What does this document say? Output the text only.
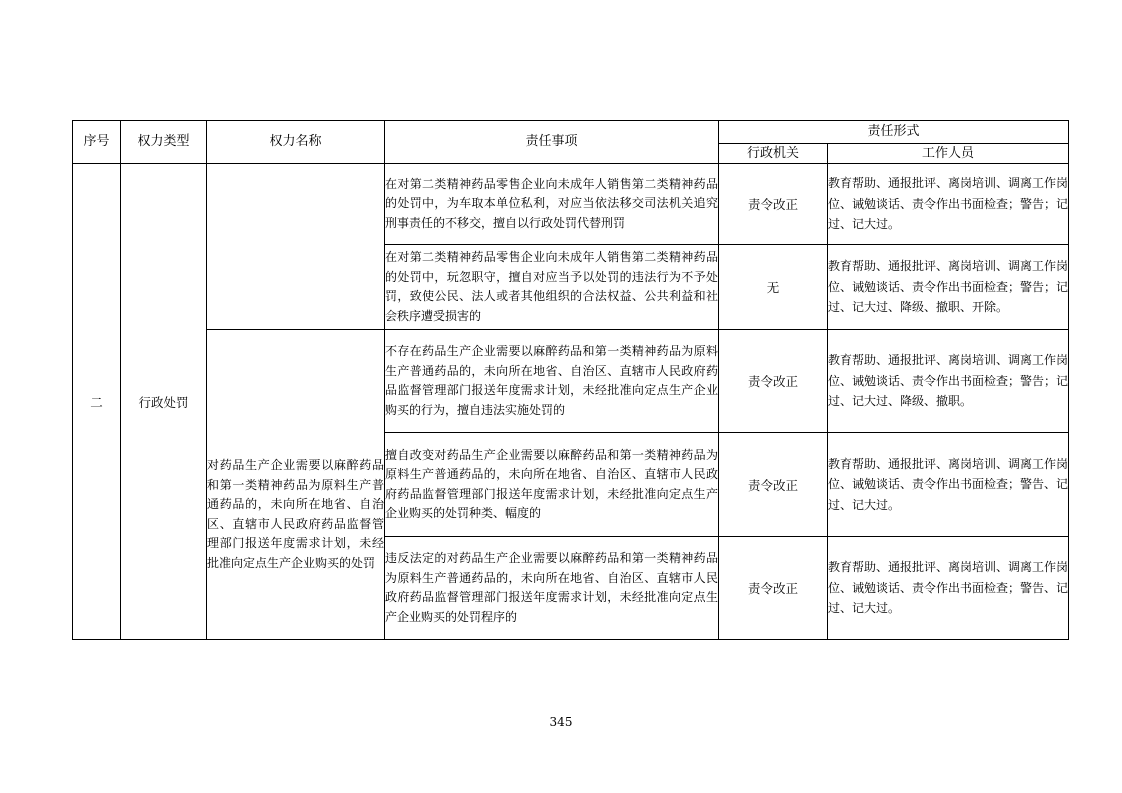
序号	权力类型	权力名称	责任事项	责任形式	
				行政机关	工作人员
二	行政处罚		在对第二类精神药品零售企业向未成年人销售第二类精神药品的处罚中，为车取本单位私利，对应当依法移交司法机关追究刑事责任的不移交，擅自以行政处罚代替刑罚	责令改正	教育帮助、通报批评、离岗培训、调离工作岗位、诫勉谈话、责令作出书面检查；警告；记过、记大过。
			在对第二类精神药品零售企业向未成年人销售第二类精神药品的处罚中，玩忽职守，擅自对应当予以处罚的违法行为不予处罚，致使公民、法人或者其他组织的合法权益、公共利益和社会秩序遭受损害的	无	教育帮助、通报批评、离岗培训、调离工作岗位、诫勉谈话、责令作出书面检查；警告；记过、记大过、降级、撤职、开除。

		对药品生产企业需要以麻醉药品和第一类精神药品为原料生产普通药品的，未向所在地省、自治区、直辖市人民政府药品监督管理部门报送年度需求计划，未经批准向定点生产企业购买的处罚	不存在药品生产企业需要以麻醉药品和第一类精神药品为原料生产普通药品的，未向所在地省、自治区、直辖市人民政府药品监督管理部门报送年度需求计划，未经批准向定点生产企业购买的行为，擅自违法实施处罚的	责令改正	教育帮助、通报批评、离岗培训、调离工作岗位、诫勉谈话、责令作出书面检查；警告；记过、记大过、降级、撤职。
			擅自改变对药品生产企业需要以麻醉药品和第一类精神药品为原料生产普通药品的，未向所在地省、自治区、直辖市人民政府药品监督管理部门报送年度需求计划，未经批准向定点生产企业购买的处罚种类、幅度的	责令改正	教育帮助、通报批评、离岗培训、调离工作岗位、诫勉谈话、责令作出书面检查；警告、记过、记大过。
			违反法定的对药品生产企业需要以麻醉药品和第一类精神药品为原料生产普通药品的，未向所在地省、自治区、直辖市人民政府药品监督管理部门报送年度需求计划，未经批准向定点生产企业购买的处罚程序的	责令改正	教育帮助、通报批评、离岗培训、调离工作岗位、诫勉谈话、责令作出书面检查；警告、记过、记大过。
345
